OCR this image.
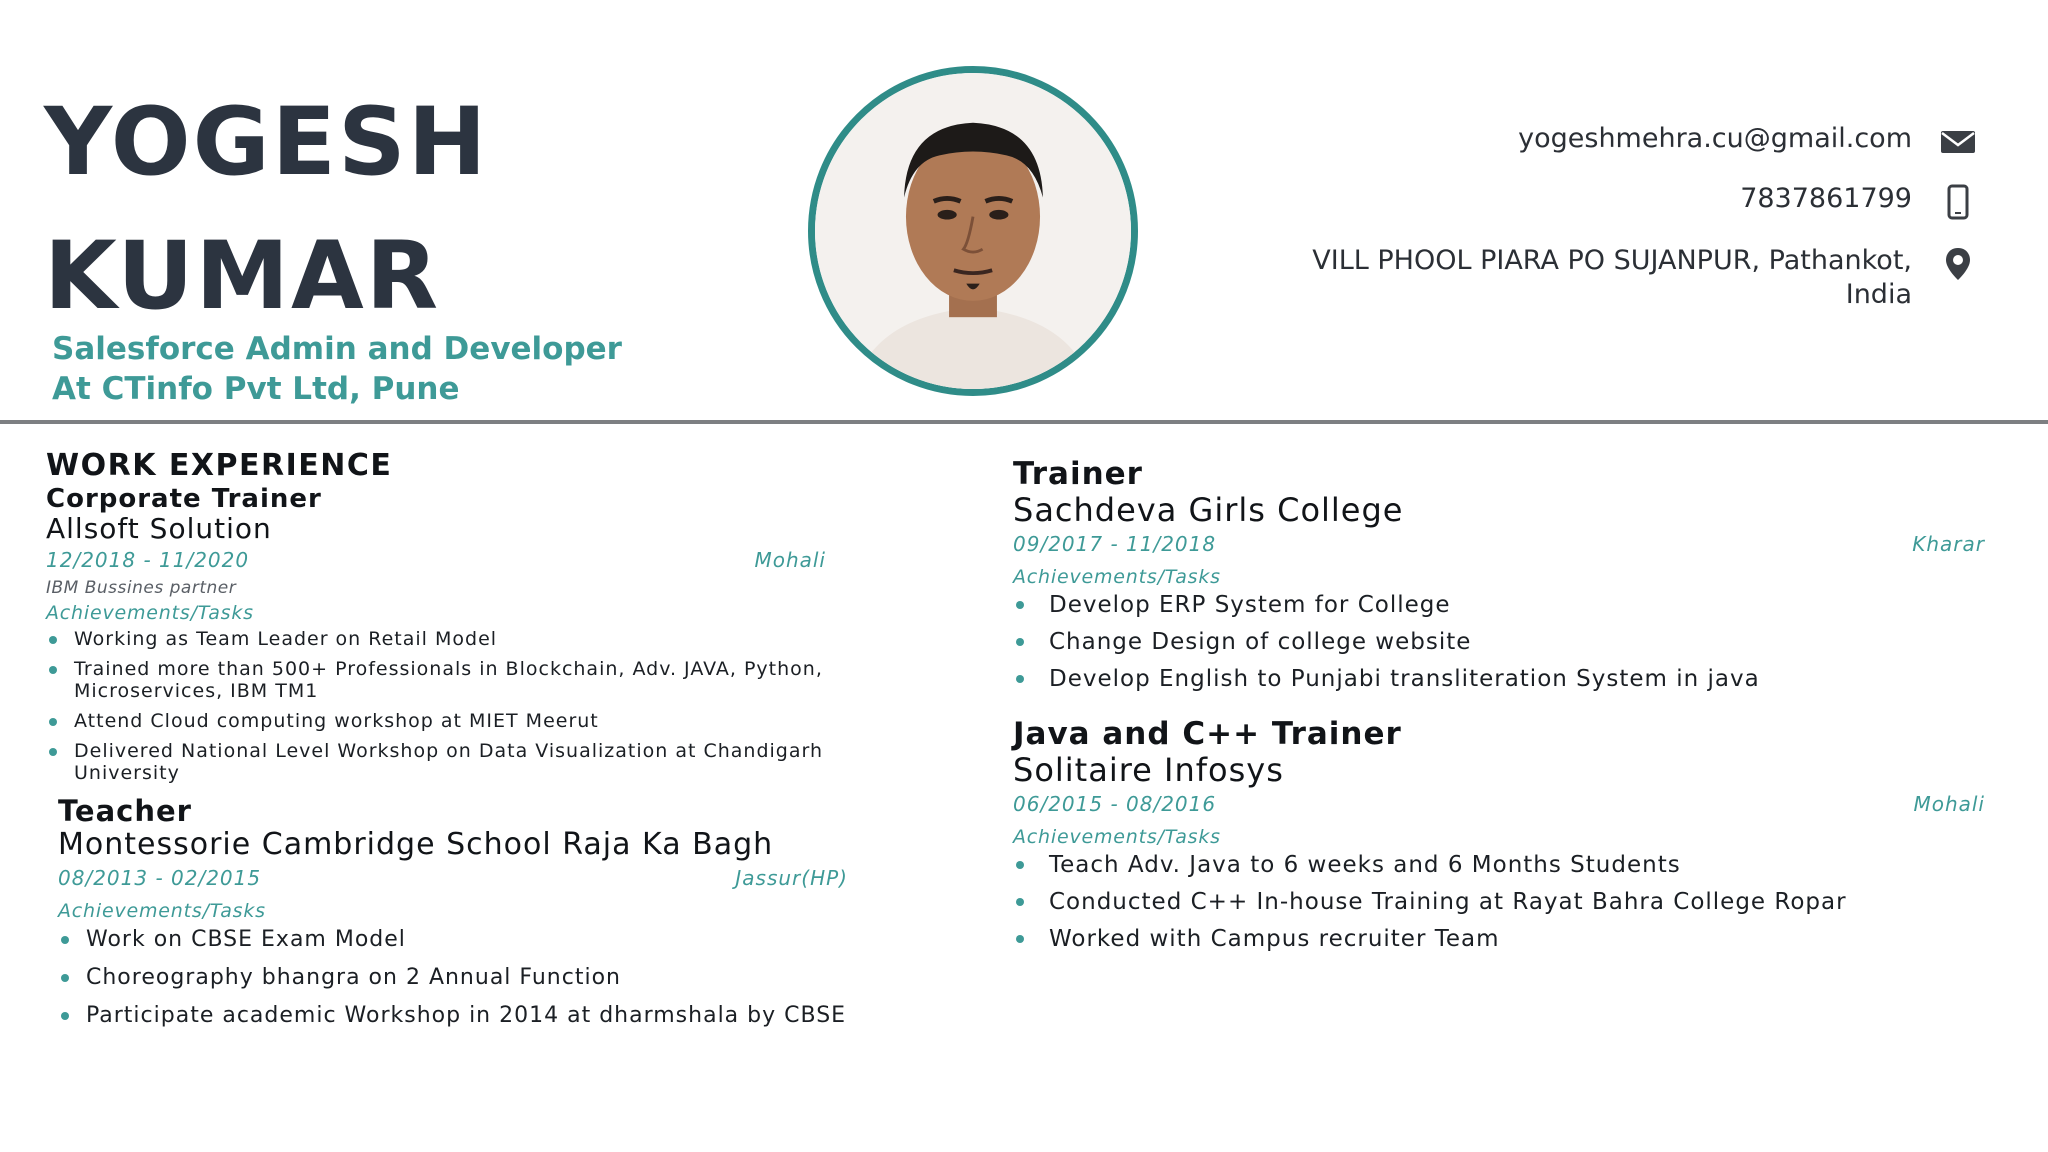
YOGESH
KUMAR
Salesforce Admin and Developer
At CTinfo Pvt Ltd, Pune
yogeshmehra.cu@gmail.com
7837861799
VILL PHOOL PIARA PO SUJANPUR, Pathankot,
India
WORK EXPERIENCE
Corporate Trainer
Allsoft Solution
12/2018 - 11/2020	Mohali
IBM Bussines partner
Achievements/Tasks
Working as Team Leader on Retail Model
Trained more than 500+ Professionals in Blockchain, Adv. JAVA, Python, Microservices, IBM TM1
Attend Cloud computing workshop at MIET Meerut
Delivered National Level Workshop on Data Visualization at Chandigarh University
Teacher
Montessorie Cambridge School Raja Ka Bagh
08/2013 - 02/2015	Jassur(HP)
Achievements/Tasks
Work on CBSE Exam Model
Choreography bhangra on 2 Annual Function
Participate academic Workshop in 2014 at dharmshala by CBSE
Trainer
Sachdeva Girls College
09/2017 - 11/2018	Kharar
Achievements/Tasks
Develop ERP System for College
Change Design of college website
Develop English to Punjabi transliteration System in java
Java and C++ Trainer
Solitaire Infosys
06/2015 - 08/2016	Mohali
Achievements/Tasks
Teach Adv. Java to 6 weeks and 6 Months Students
Conducted C++ In-house Training at Rayat Bahra College Ropar
Worked with Campus recruiter Team
